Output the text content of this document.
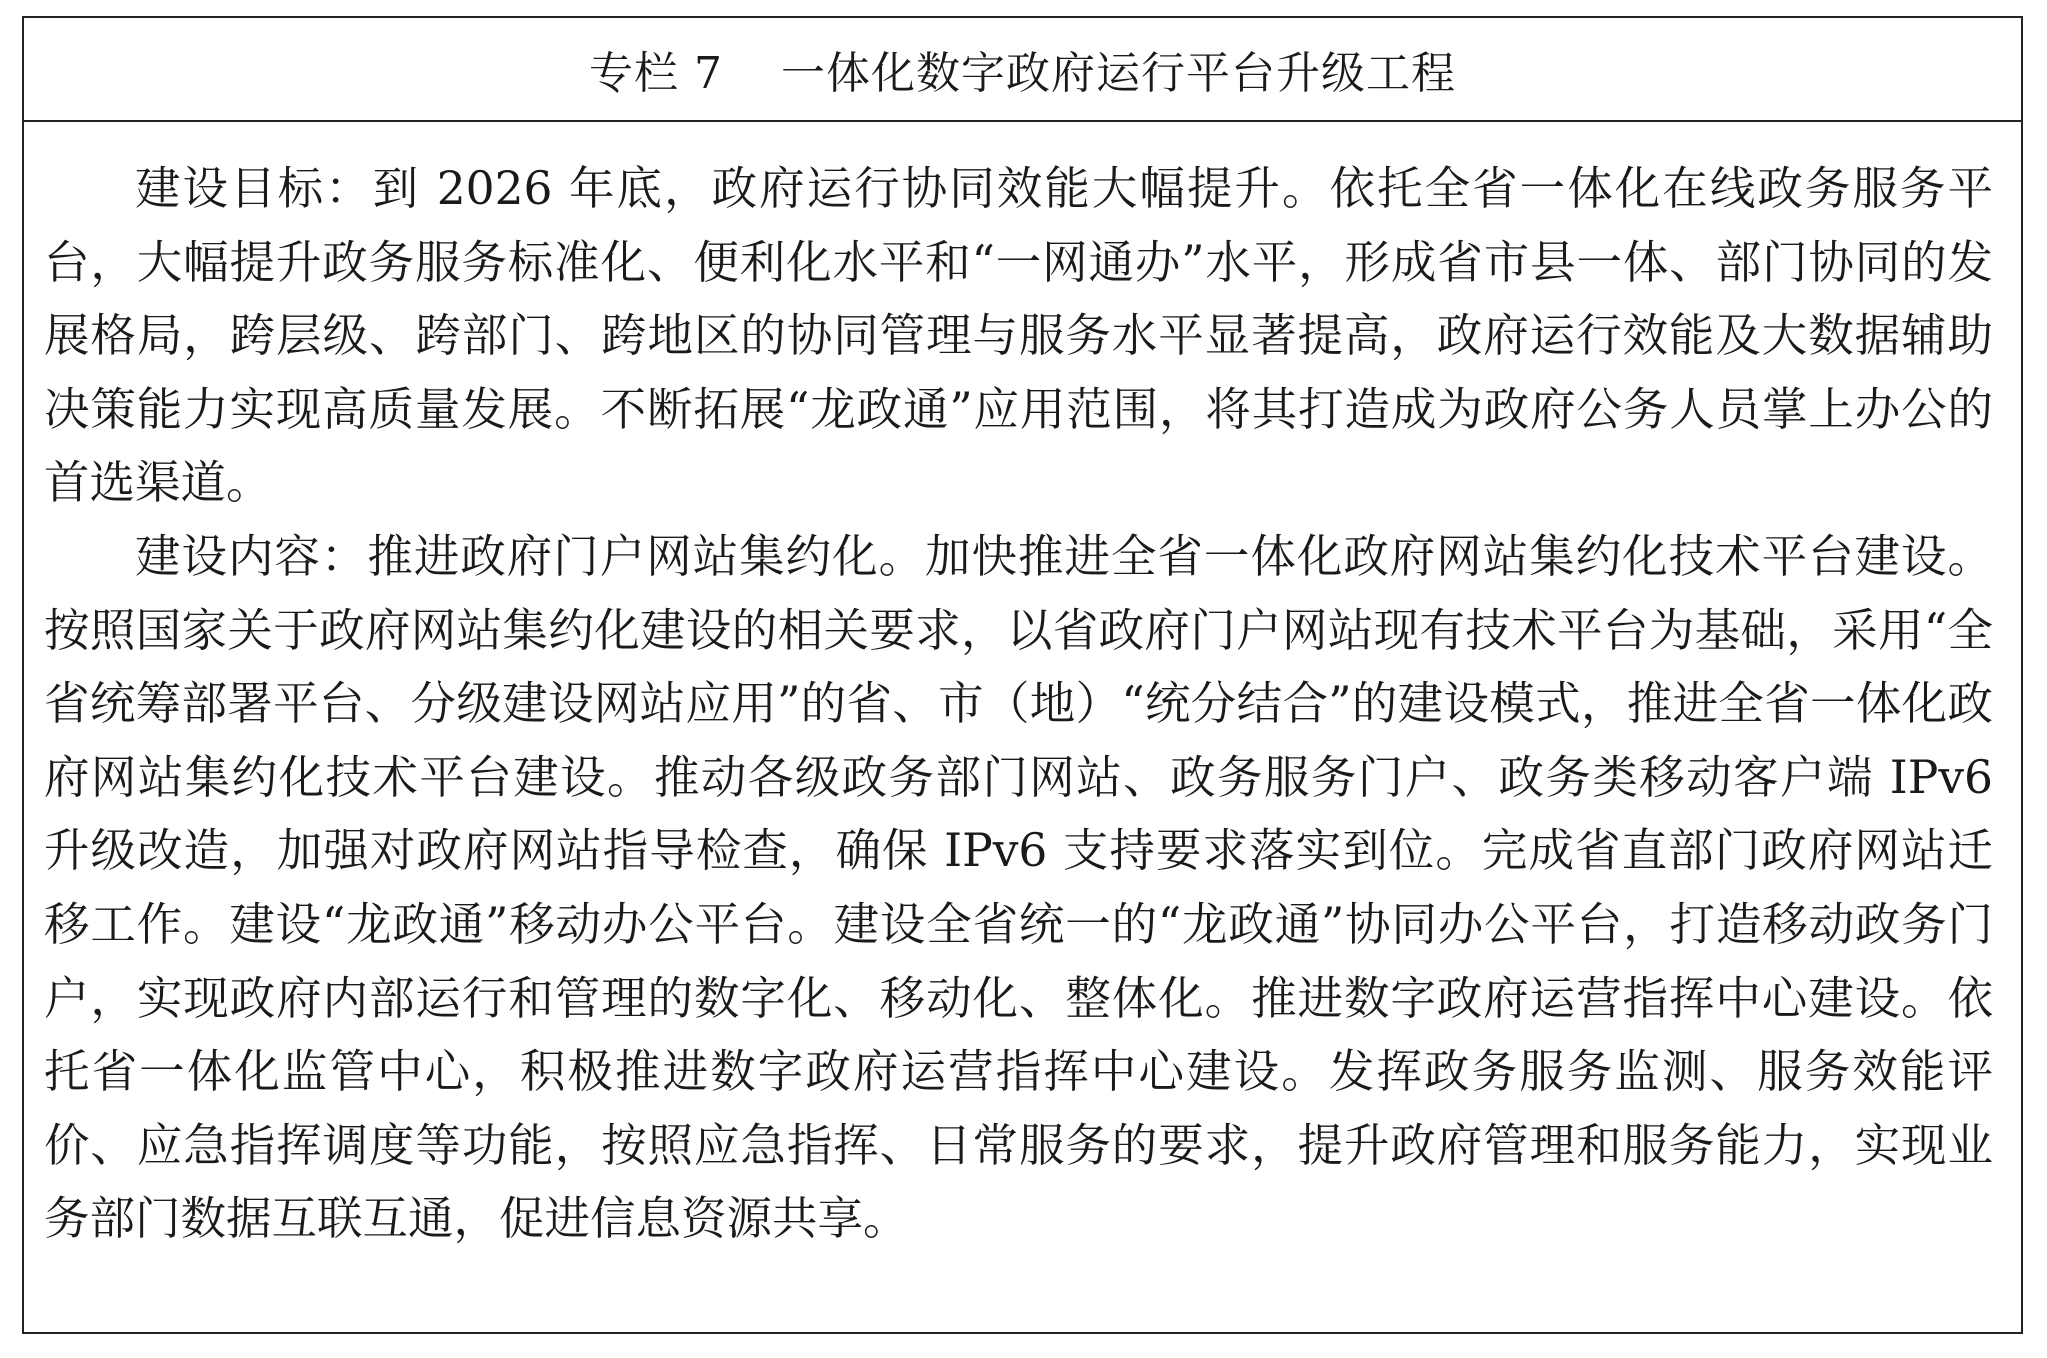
专栏 7 一体化数字政府运行平台升级工程

建设目标：到 2026 年底，政府运行协同效能大幅提升。依托全省一体化在线政务服务平台，大幅提升政务服务标准化、便利化水平和“一网通办”水平，形成省市县一体、部门协同的发展格局，跨层级、跨部门、跨地区的协同管理与服务水平显著提高，政府运行效能及大数据辅助决策能力实现高质量发展。不断拓展“龙政通”应用范围，将其打造成为政府公务人员掌上办公的首选渠道。

建设内容：推进政府门户网站集约化。加快推进全省一体化政府网站集约化技术平台建设。按照国家关于政府网站集约化建设的相关要求，以省政府门户网站现有技术平台为基础，采用“全省统筹部署平台、分级建设网站应用”的省、市（地）“统分结合”的建设模式，推进全省一体化政府网站集约化技术平台建设。推动各级政务部门网站、政务服务门户、政务类移动客户端 IPv6 升级改造，加强对政府网站指导检查，确保 IPv6 支持要求落实到位。完成省直部门政府网站迁移工作。建设“龙政通”移动办公平台。建设全省统一的“龙政通”协同办公平台，打造移动政务门户，实现政府内部运行和管理的数字化、移动化、整体化。推进数字政府运营指挥中心建设。依托省一体化监管中心，积极推进数字政府运营指挥中心建设。发挥政务服务监测、服务效能评价、应急指挥调度等功能，按照应急指挥、日常服务的要求，提升政府管理和服务能力，实现业务部门数据互联互通，促进信息资源共享。
